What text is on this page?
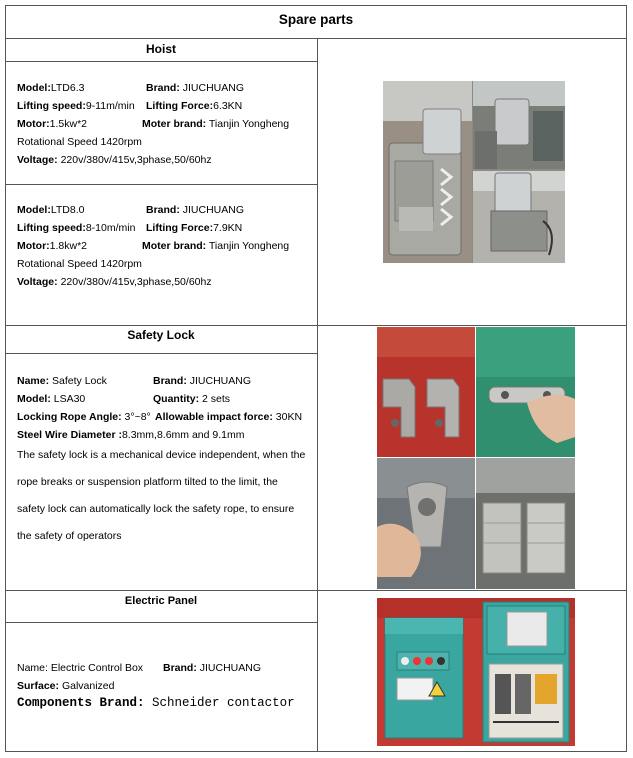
Spare parts
Hoist
Model:LTD6.3	Brand: JIUCHUANG
Lifting speed:9-11m/min Lifting Force:6.3KN
Motor:1.5kw*2	Moter brand: Tianjin Yongheng
Rotational Speed 1420rpm
Voltage: 220v/380v/415v,3phase,50/60hz
Model:LTD8.0	Brand: JIUCHUANG
Lifting speed:8-10m/min Lifting Force:7.9KN
Motor:1.8kw*2	Moter brand: Tianjin Yongheng
Rotational Speed 1420rpm
Voltage: 220v/380v/415v,3phase,50/60hz
Safety Lock
Name: Safety Lock	Brand: JIUCHUANG
Model: LSA30	Quantity: 2 sets
Locking Rope Angle: 3°~8° Allowable impact force: 30KN
Steel Wire Diameter :8.3mm,8.6mm and 9.1mm
The safety lock is a mechanical device independent, when the
rope breaks or suspension platform tilted to the limit, the
safety lock can automatically lock the safety rope, to ensure
the safety of operators
Electric Panel
Name: Electric Control Box Brand: JIUCHUANG
Surface: Galvanized
Components Brand: Schneider contactor
